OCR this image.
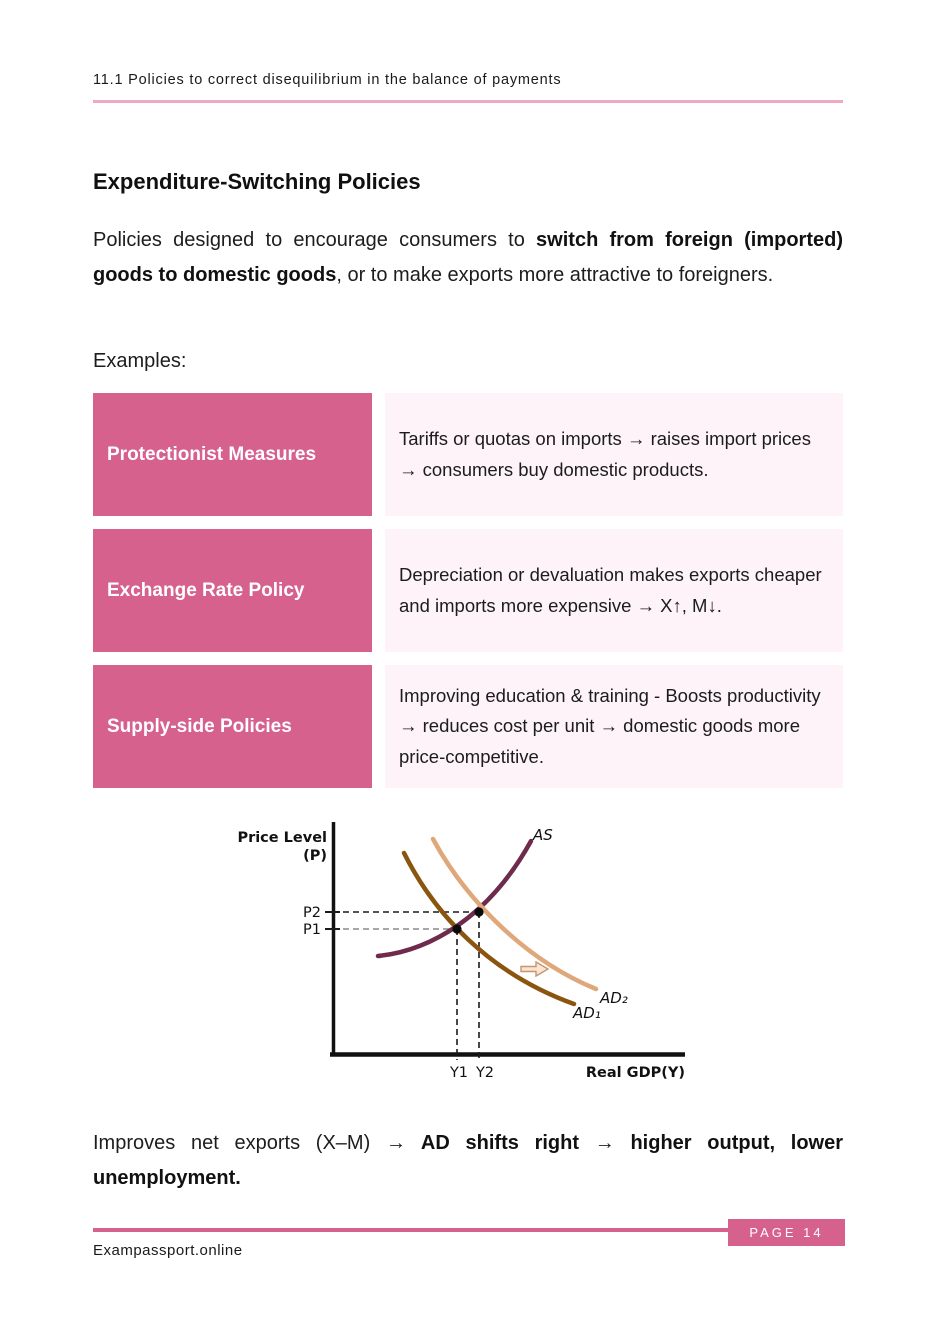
11.1 Policies to correct disequilibrium in the balance of payments
Expenditure-Switching Policies

Policies designed to encourage consumers to switch from foreign (imported) goods to domestic goods, or to make exports more attractive to foreigners.

Examples:
Protectionist Measures
Tariffs or quotas on imports → raises import prices → consumers buy domestic products.
Exchange Rate Policy
Depreciation or devaluation makes exports cheaper and imports more expensive → X↑, M↓.
Supply-side Policies
Improving education & training - Boosts productivity → reduces cost per unit → domestic goods more price-competitive.
Price Level
(P)
P2
P1
AS
AD₂
AD₁
Y1 Y2	Real GDP(Y)

Improves net exports (X–M) → AD shifts right → higher output, lower unemployment.

PAGE 14
Exampassport.online
